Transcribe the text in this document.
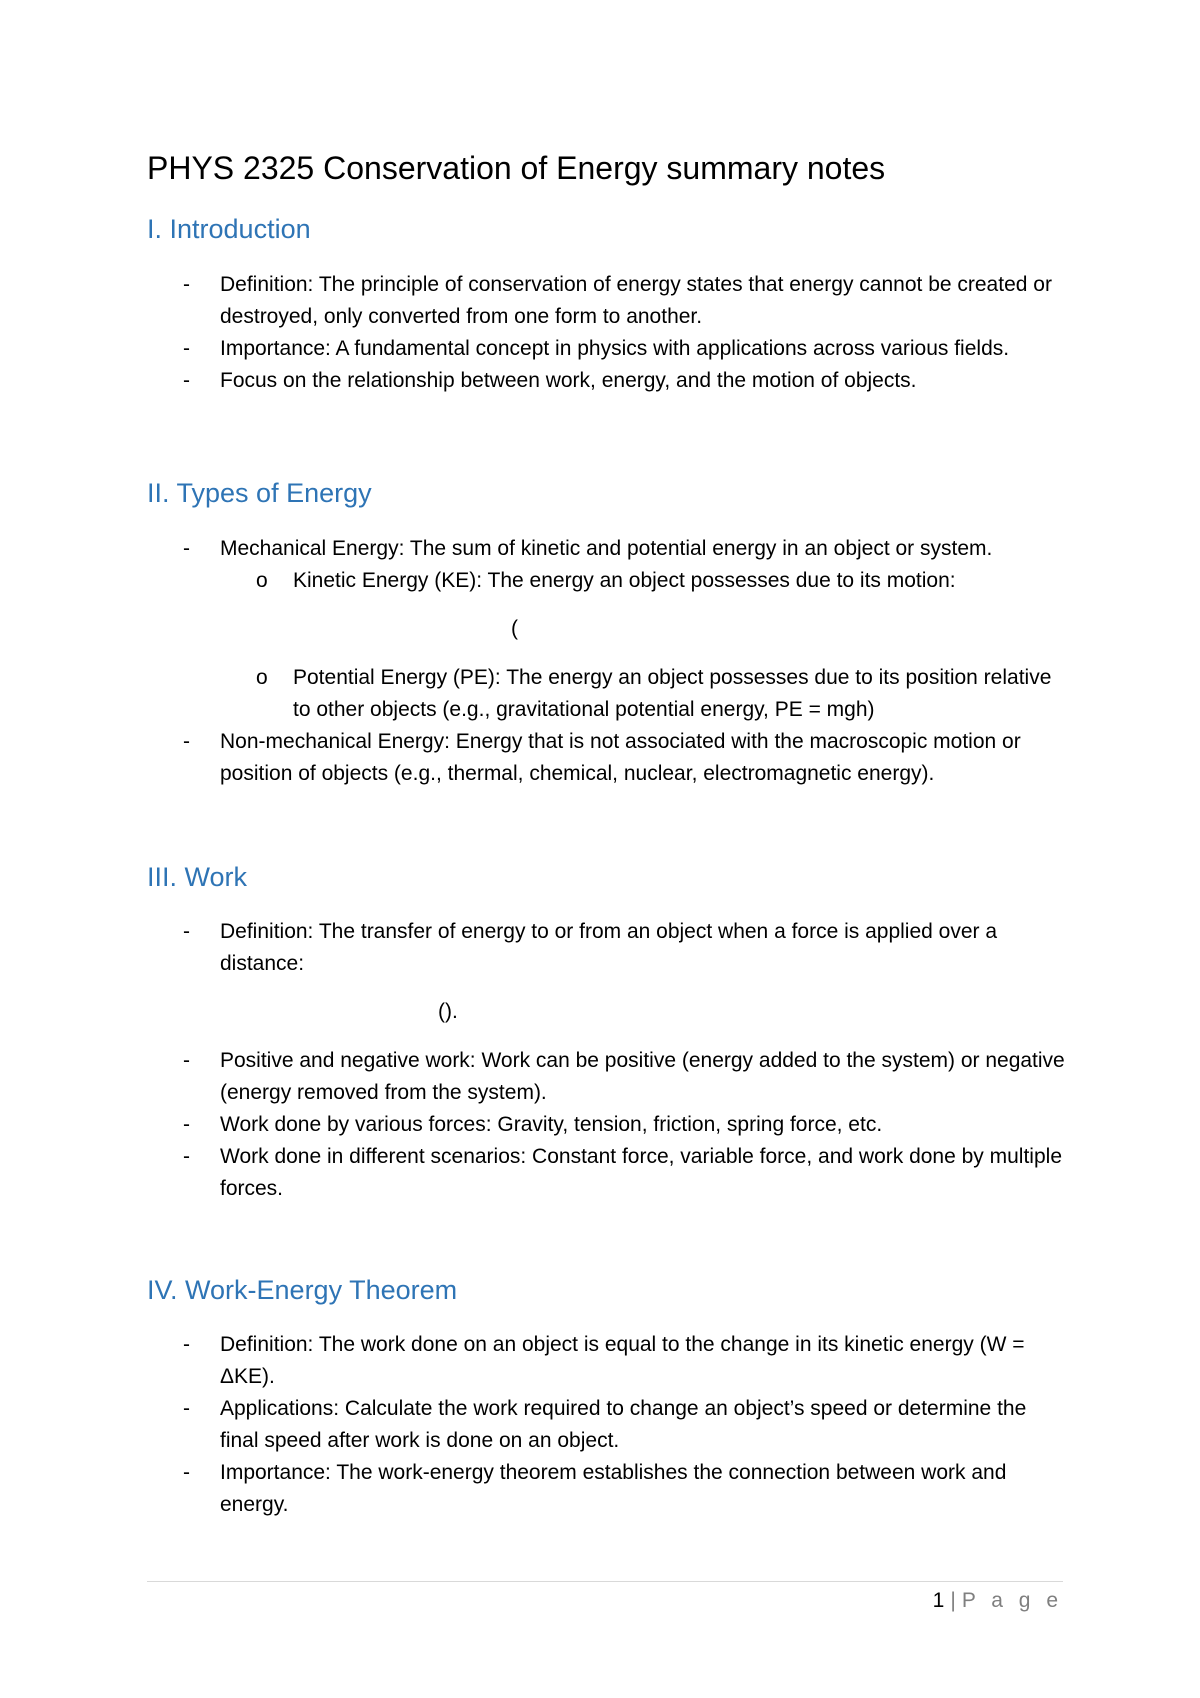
PHYS 2325 Conservation of Energy summary notes
I. Introduction
- Definition: The principle of conservation of energy states that energy cannot be created or destroyed, only converted from one form to another.
- Importance: A fundamental concept in physics with applications across various fields.
- Focus on the relationship between work, energy, and the motion of objects.
II. Types of Energy
- Mechanical Energy: The sum of kinetic and potential energy in an object or system.
o Kinetic Energy (KE): The energy an object possesses due to its motion:
(
o Potential Energy (PE): The energy an object possesses due to its position relative to other objects (e.g., gravitational potential energy, PE = mgh)
- Non-mechanical Energy: Energy that is not associated with the macroscopic motion or position of objects (e.g., thermal, chemical, nuclear, electromagnetic energy).
III. Work
- Definition: The transfer of energy to or from an object when a force is applied over a distance:
().
- Positive and negative work: Work can be positive (energy added to the system) or negative (energy removed from the system).
- Work done by various forces: Gravity, tension, friction, spring force, etc.
- Work done in different scenarios: Constant force, variable force, and work done by multiple forces.
IV. Work-Energy Theorem
- Definition: The work done on an object is equal to the change in its kinetic energy (W = ΔKE).
- Applications: Calculate the work required to change an object’s speed or determine the final speed after work is done on an object.
- Importance: The work-energy theorem establishes the connection between work and energy.
1 | P a g e
